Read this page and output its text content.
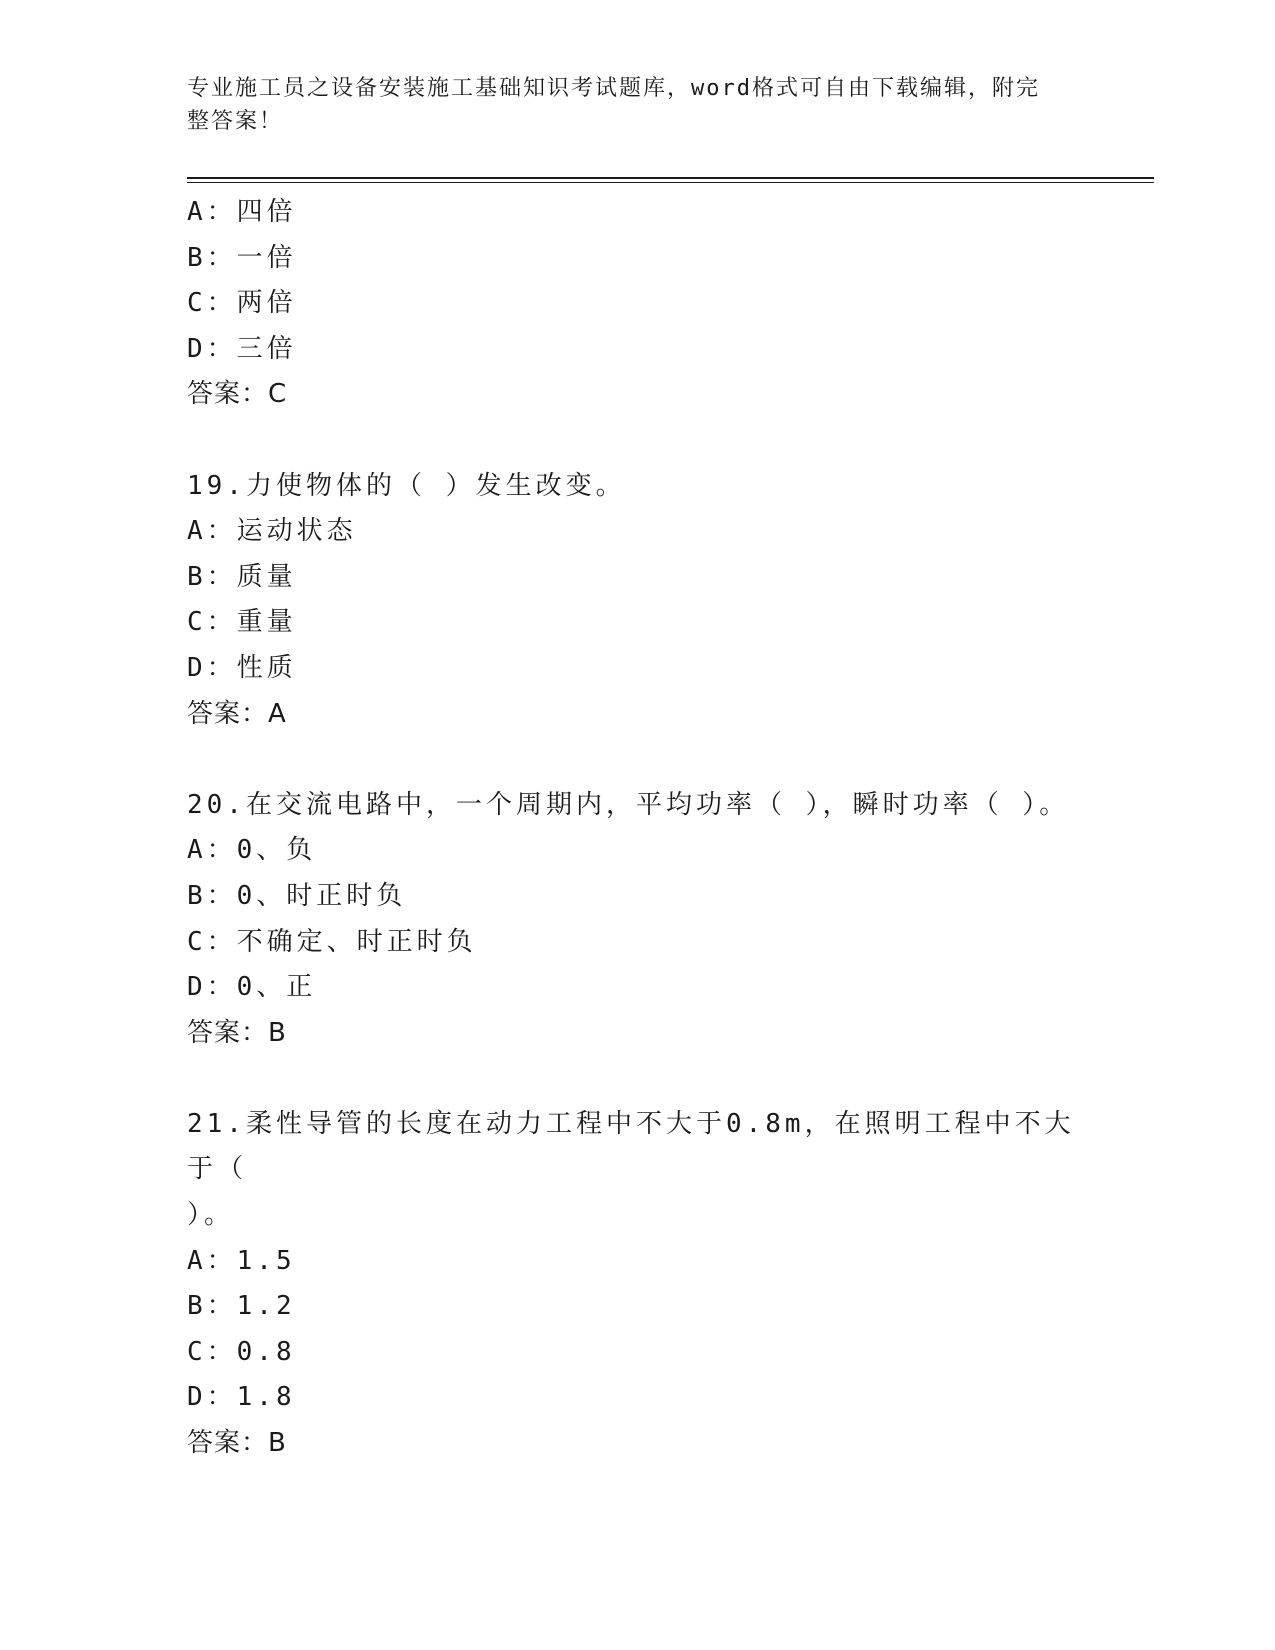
专业施工员之设备安装施工基础知识考试题库，word格式可自由下载编辑，附完
整答案！
A：四倍
B：一倍
C：两倍
D：三倍
答案：C
19.力使物体的（ ）发生改变。
A：运动状态
B：质量
C：重量
D：性质
答案：A
20.在交流电路中，一个周期内，平均功率（ ），瞬时功率（ ）。
A：0、负
B：0、时正时负
C：不确定、时正时负
D：0、正
答案：B
21.柔性导管的长度在动力工程中不大于0.8m，在照明工程中不大于（
）。
A：1.5
B：1.2
C：0.8
D：1.8
答案：B
